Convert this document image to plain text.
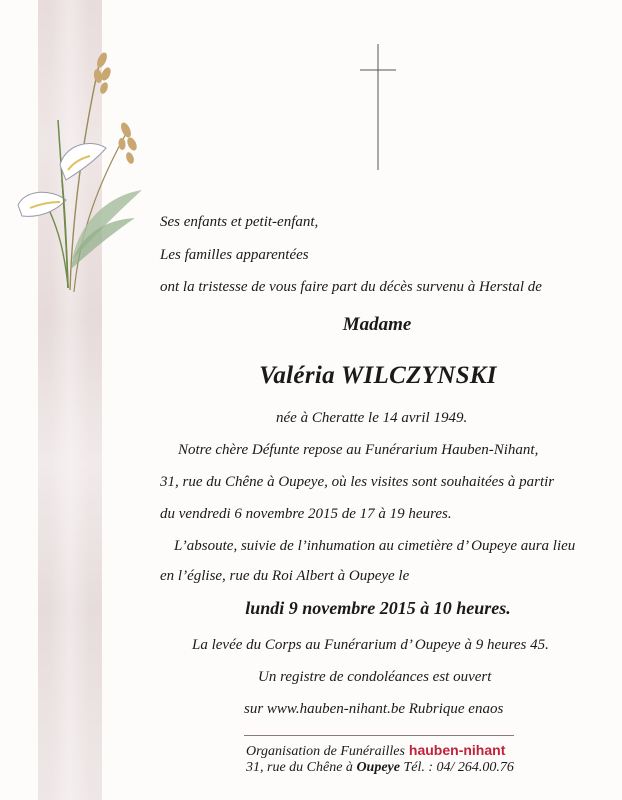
Ses enfants et petit-enfant,
Les familles apparentées
ont la tristesse de vous faire part du décès survenu à Herstal de
Madame
Valéria WILCZYNSKI
née à Cheratte le 14 avril 1949.
Notre chère Défunte repose au Funérarium Hauben-Nihant,
31, rue du Chêne à Oupeye, où les visites sont souhaitées à partir
du vendredi 6 novembre 2015 de 17 à 19 heures.
L’absoute, suivie de l’inhumation au cimetière d’ Oupeye aura lieu
en l’église, rue du Roi Albert à Oupeye le
lundi 9 novembre 2015 à 10 heures.
La levée du Corps au Funérarium d’ Oupeye à 9 heures 45.
Un registre de condoléances est ouvert
sur www.hauben-nihant.be Rubrique enaos
Organisation de Funérailles hauben-nihant
31, rue du Chêne à Oupeye Tél. : 04/ 264.00.76
